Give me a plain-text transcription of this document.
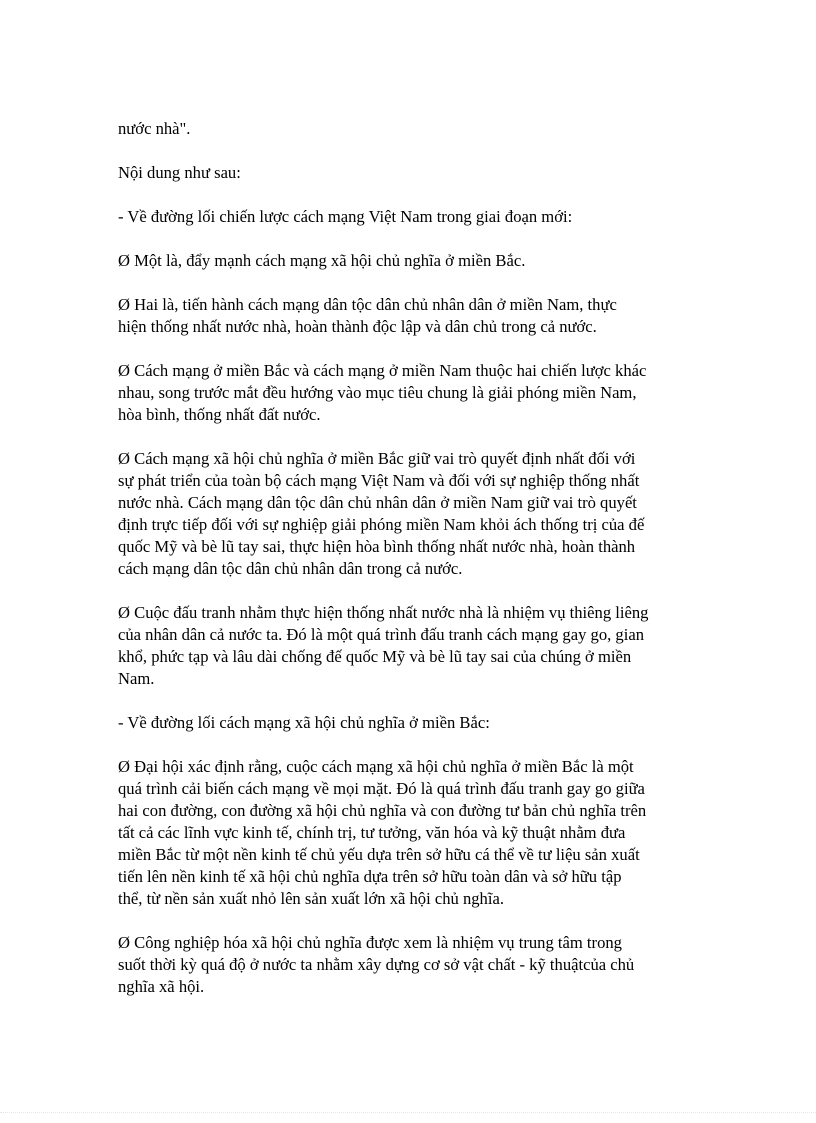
nước nhà".

Nội dung như sau:

- Về đường lối chiến lược cách mạng Việt Nam trong giai đoạn mới:

Ø Một là, đẩy mạnh cách mạng xã hội chủ nghĩa ở miền Bắc.

Ø Hai là, tiến hành cách mạng dân tộc dân chủ nhân dân ở miền Nam, thực
hiện thống nhất nước nhà, hoàn thành độc lập và dân chủ trong cả nước.

Ø Cách mạng ở miền Bắc và cách mạng ở miền Nam thuộc hai chiến lược khác
nhau, song trước mắt đều hướng vào mục tiêu chung là giải phóng miền Nam,
hòa bình, thống nhất đất nước.

Ø Cách mạng xã hội chủ nghĩa ở miền Bắc giữ vai trò quyết định nhất đối với
sự phát triển của toàn bộ cách mạng Việt Nam và đối với sự nghiệp thống nhất
nước nhà. Cách mạng dân tộc dân chủ nhân dân ở miền Nam giữ vai trò quyết
định trực tiếp đối với sự nghiệp giải phóng miền Nam khỏi ách thống trị của đế
quốc Mỹ và bè lũ tay sai, thực hiện hòa bình thống nhất nước nhà, hoàn thành
cách mạng dân tộc dân chủ nhân dân trong cả nước.

Ø Cuộc đấu tranh nhằm thực hiện thống nhất nước nhà là nhiệm vụ thiêng liêng
của nhân dân cả nước ta. Đó là một quá trình đấu tranh cách mạng gay go, gian
khổ, phức tạp và lâu dài chống đế quốc Mỹ và bè lũ tay sai của chúng ở miền
Nam.

- Về đường lối cách mạng xã hội chủ nghĩa ở miền Bắc:

Ø Đại hội xác định rằng, cuộc cách mạng xã hội chủ nghĩa ở miền Bắc là một
quá trình cải biến cách mạng về mọi mặt. Đó là quá trình đấu tranh gay go giữa
hai con đường, con đường xã hội chủ nghĩa và con đường tư bản chủ nghĩa trên
tất cả các lĩnh vực kinh tế, chính trị, tư tưởng, văn hóa và kỹ thuật nhằm đưa
miền Bắc từ một nền kinh tế chủ yếu dựa trên sở hữu cá thể về tư liệu sản xuất
tiến lên nền kinh tế xã hội chủ nghĩa dựa trên sở hữu toàn dân và sở hữu tập
thể, từ nền sản xuất nhỏ lên sản xuất lớn xã hội chủ nghĩa.

Ø Công nghiệp hóa xã hội chủ nghĩa được xem là nhiệm vụ trung tâm trong
suốt thời kỳ quá độ ở nước ta nhằm xây dựng cơ sở vật chất - kỹ thuậtcủa chủ
nghĩa xã hội.
